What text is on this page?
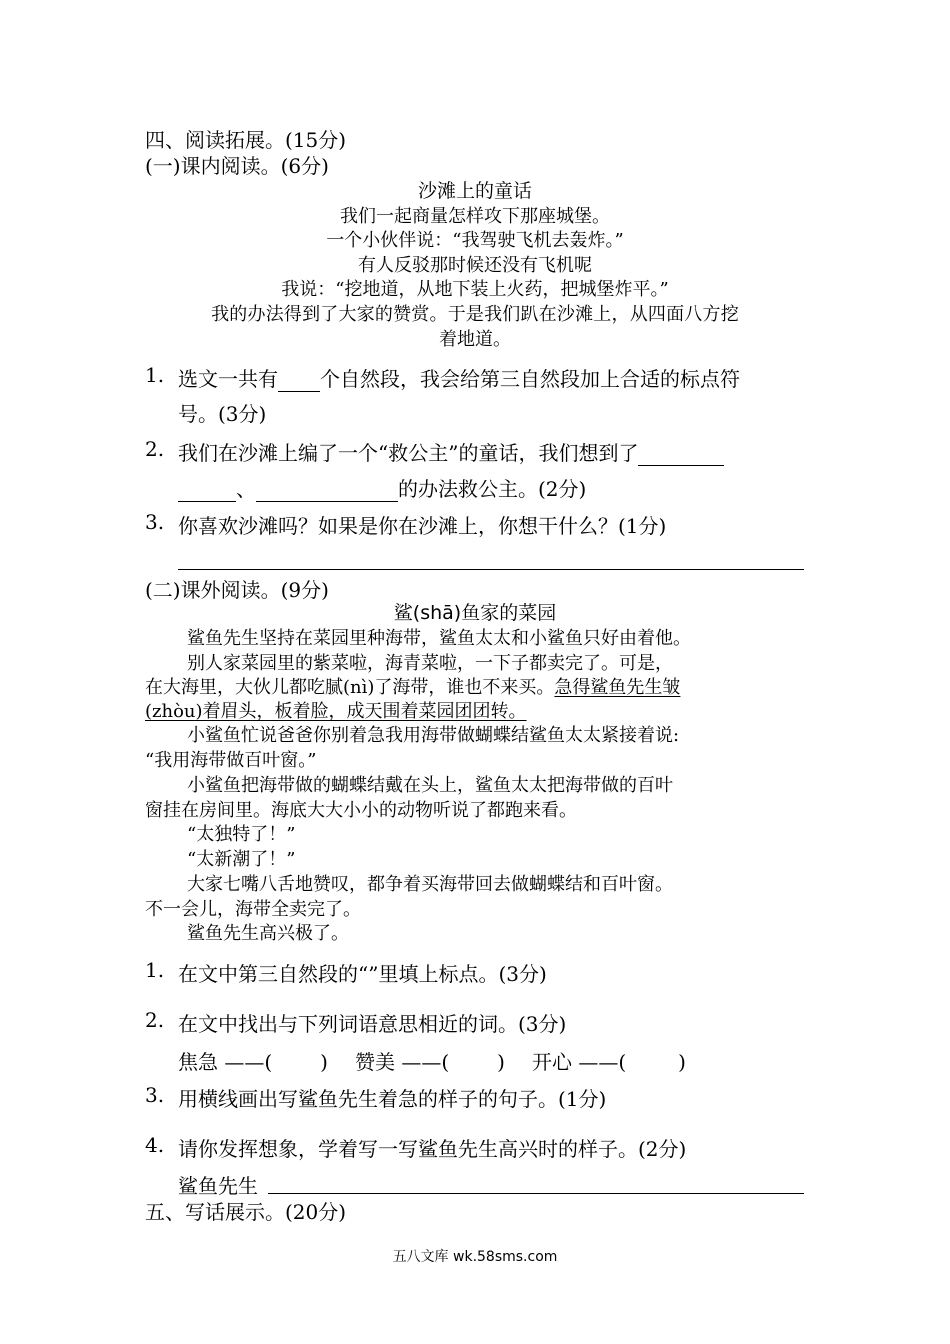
四、阅读拓展。(15分)
(一)课内阅读。(6分)
沙滩上的童话
我们一起商量怎样攻下那座城堡。
一个小伙伴说：“我驾驶飞机去轰炸。”
有人反驳那时候还没有飞机呢
我说：“挖地道，从地下装上火药，把城堡炸平。”
我的办法得到了大家的赞赏。于是我们趴在沙滩上，从四面八方挖
着地道。
1. 选文一共有 个自然段，我会给第三自然段加上合适的标点符
号。(3分)
2. 我们在沙滩上编了一个“救公主”的童话，我们想到了
、	的办法救公主。(2分)
3. 你喜欢沙滩吗？如果是你在沙滩上，你想干什么？(1分)
(二)课外阅读。(9分)
鲨(shā)鱼家的菜园
鲨鱼先生坚持在菜园里种海带，鲨鱼太太和小鲨鱼只好由着他。
别人家菜园里的紫菜啦，海青菜啦，一下子都卖完了。可是，
在大海里，大伙儿都吃腻(nì)了海带，谁也不来买。急得鲨鱼先生皱
(zhòu)着眉头，板着脸，成天围着菜园团团转。
小鲨鱼忙说爸爸你别着急我用海带做蝴蝶结鲨鱼太太紧接着说:
“我用海带做百叶窗。”
小鲨鱼把海带做的蝴蝶结戴在头上，鲨鱼太太把海带做的百叶
窗挂在房间里。海底大大小小的动物听说了都跑来看。
“太独特了！”
“太新潮了！”
大家七嘴八舌地赞叹，都争着买海带回去做蝴蝶结和百叶窗。
不一会儿，海带全卖完了。
鲨鱼先生高兴极了。
1. 在文中第三自然段的“”里填上标点。(3分)
2. 在文中找出与下列词语意思相近的词。(3分)
焦急 ——( ) 赞美 ——( ) 开心 ——(	)
3. 用横线画出写鲨鱼先生着急的样子的句子。(1分)
4. 请你发挥想象，学着写一写鲨鱼先生高兴时的样子。(2分)
鲨鱼先生
五、写话展示。(20分)
五八文库 wk.58sms.com
